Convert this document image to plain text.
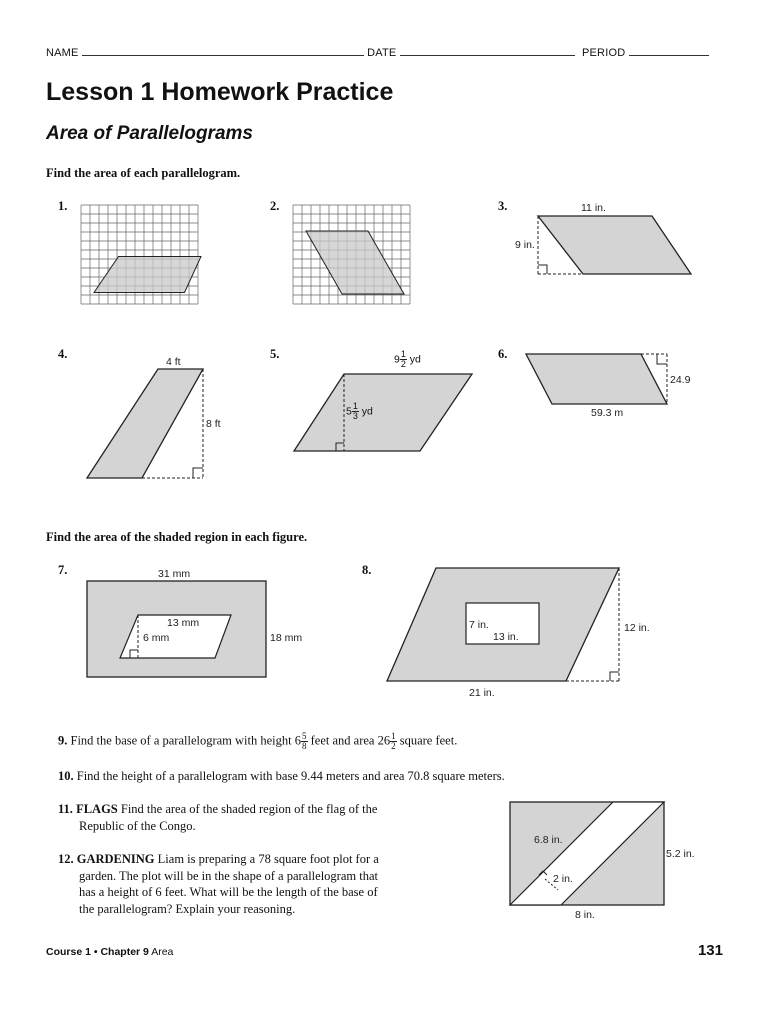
NAME	DATE	PERIOD
Lesson 1 Homework Practice
Area of Parallelograms
Find the area of each parallelogram.
1.	2.	3.	11 in.
9 in.
4.	5.	6.
4 ft
8 ft
$9 \frac{1}{2}$ yd
$5 \frac{1}{3}$ yd
24.9
59.3 m
Find the area of the shaded region in each figure.
7.	8.
31 mm
18 mm
13 mm
6 mm
7 in.
13 in.
12 in.
21 in.
9. Find the base of a parallelogram with height $6 \frac{5}{8}$ feet and area $26 \frac{1}{2}$ square feet.
10. Find the height of a parallelogram with base 9.44 meters and area 70.8 square meters.
11. FLAGS Find the area of the shaded region of the flag of the
Republic of the Congo.
12. GARDENING Liam is preparing a 78 square foot plot for a
garden. The plot will be in the shape of a parallelogram that
has a height of 6 feet. What will be the length of the base of
the parallelogram? Explain your reasoning.
6.8 in.
5.2 in.
2 in.
8 in.
Course 1 • Chapter 9 Area	131
